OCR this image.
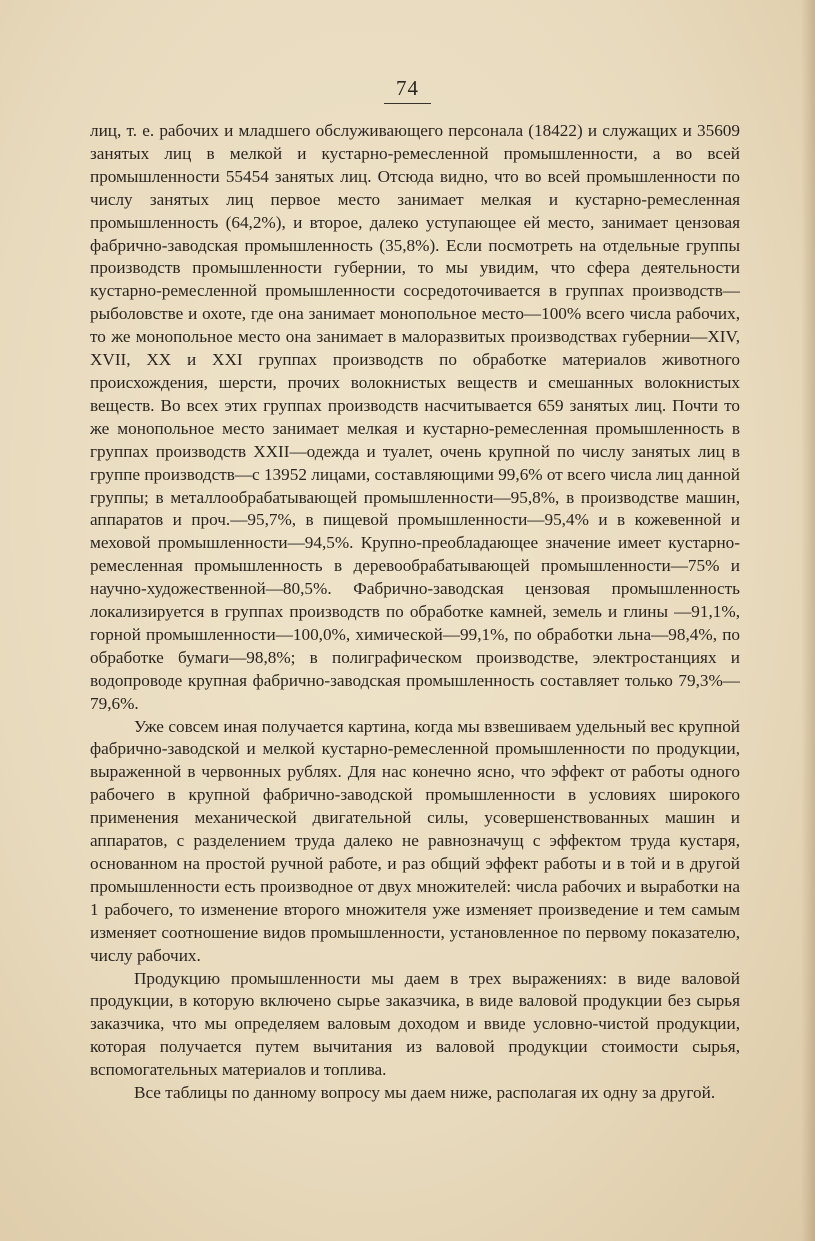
74

лиц, т. е. рабочих и младшего обслуживающего персонала (18422) и служащих и 35609 занятых лиц в мелкой и кустарно-ремесленной промышленности, а во всей промышленности 55454 занятых лиц. Отсюда видно, что во всей промышленности по числу занятых лиц первое место занимает мелкая и кустарно-ремесленная промышленность (64,2%), и второе, далеко уступающее ей место, занимает цензовая фабрично-заводская промышленность (35,8%). Если посмотреть на отдельные группы производств промышленности губернии, то мы увидим, что сфера деятельности кустарно-ремесленной промышленности сосредоточивается в группах производств—рыболовстве и охоте, где она занимает монопольное место—100% всего числа рабочих, то же монопольное место она занимает в малоразвитых производствах губернии—XIV, XVII, XX и XXI группах производств по обработке материалов животного происхождения, шерсти, прочих волокнистых веществ и смешанных волокнистых веществ. Во всех этих группах производств насчитывается 659 занятых лиц. Почти то же монопольное место занимает мелкая и кустарно-ремесленная промышленность в группах производств XXII—одежда и туалет, очень крупной по числу занятых лиц в группе производств—с 13952 лицами, составляющими 99,6% от всего числа лиц данной группы; в металлообрабатывающей промышленности—95,8%, в производстве машин, аппаратов и проч.—95,7%, в пищевой промышленности—95,4% и в кожевенной и меховой промышленности—94,5%. Крупно-преобладающее значение имеет кустарно-ремесленная промышленность в деревообрабатывающей промышленности—75% и научно-художественной—80,5%. Фабрично-заводская цензовая промышленность локализируется в группах производств по обработке камней, земель и глины —91,1%, горной промышленности—100,0%, химической—99,1%, по обработки льна—98,4%, по обработке бумаги—98,8%; в полиграфическом производстве, электростанциях и водопроводе крупная фабрично-заводская промышленность составляет только 79,3%—79,6%.

Уже совсем иная получается картина, когда мы взвешиваем удельный вес крупной фабрично-заводской и мелкой кустарно-ремесленной промышленности по продукции, выраженной в червонных рублях. Для нас конечно ясно, что эффект от работы одного рабочего в крупной фабрично-заводской промышленности в условиях широкого применения механической двигательной силы, усовершенствованных машин и аппаратов, с разделением труда далеко не равнозначущ с эффектом труда кустаря, основанном на простой ручной работе, и раз общий эффект работы и в той и в другой промышленности есть производное от двух множителей: числа рабочих и выработки на 1 рабочего, то изменение второго множителя уже изменяет произведение и тем самым изменяет соотношение видов промышленности, установленное по первому показателю, числу рабочих.

Продукцию промышленности мы даем в трех выражениях: в виде валовой продукции, в которую включено сырье заказчика, в виде валовой продукции без сырья заказчика, что мы определяем валовым доходом и ввиде условно-чистой продукции, которая получается путем вычитания из валовой продукции стоимости сырья, вспомогательных материалов и топлива.

Все таблицы по данному вопросу мы даем ниже, располагая их одну за другой.
